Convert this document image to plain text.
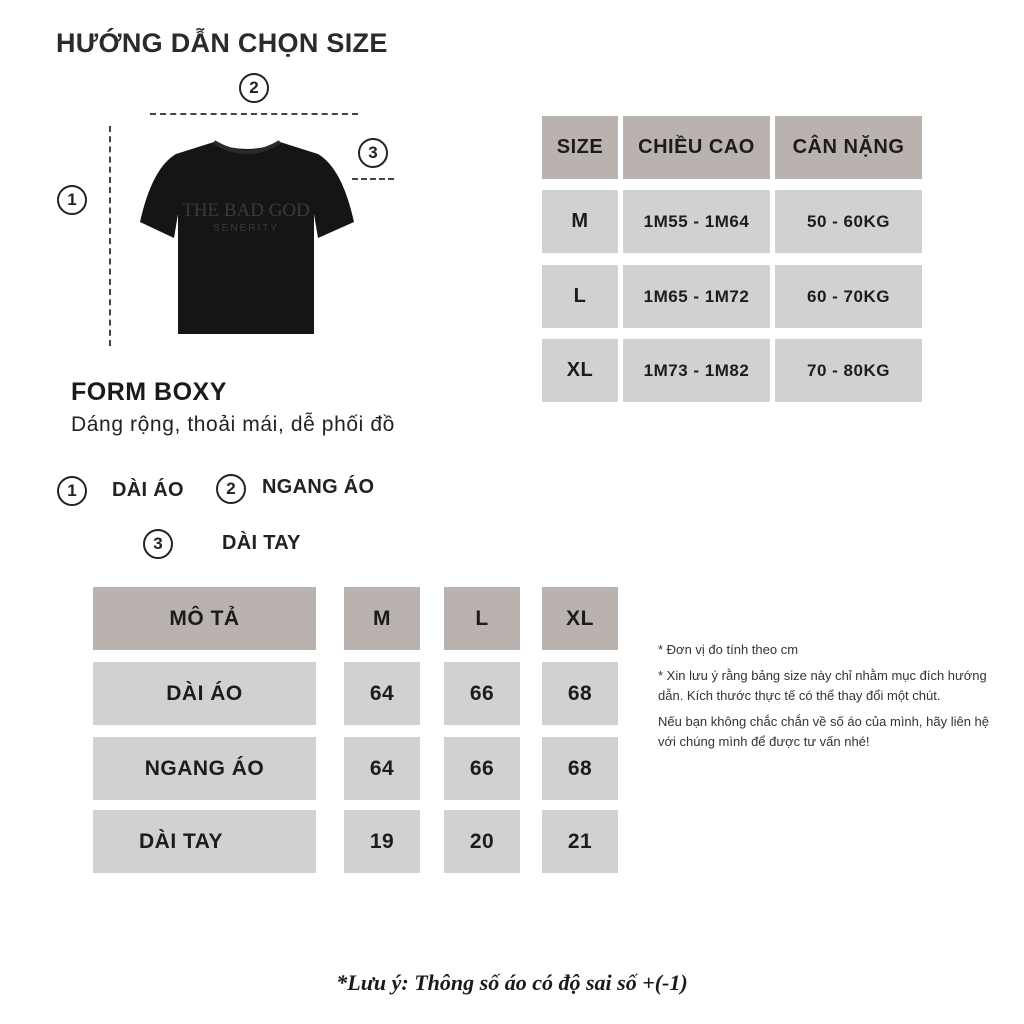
HƯỚNG DẪN CHỌN SIZE
2
3
1
THE BAD GOD
SENERITY
FORM BOXY
Dáng rộng, thoải mái, dễ phối đồ
1	DÀI ÁO	2	NGANG ÁO
3	DÀI TAY
SIZE	CHIỀU CAO	CÂN NẶNG
M	1M55 - 1M64	50 - 60KG
L	1M65 - 1M72	60 - 70KG
XL	1M73 - 1M82	70 - 80KG
MÔ TẢ	M	L	XL
DÀI ÁO	64	66	68
NGANG ÁO	64	66	68
DÀI TAY	19	20	21

* Đơn vị đo tính theo cm

* Xin lưu ý rằng bảng size này chỉ nhằm mục đích hướng dẫn. Kích thước thực tế có thể thay đổi một chút.

Nếu bạn không chắc chắn về số áo của mình, hãy liên hệ với chúng mình để được tư vấn nhé!

*Lưu ý: Thông số áo có độ sai số +(-1)
